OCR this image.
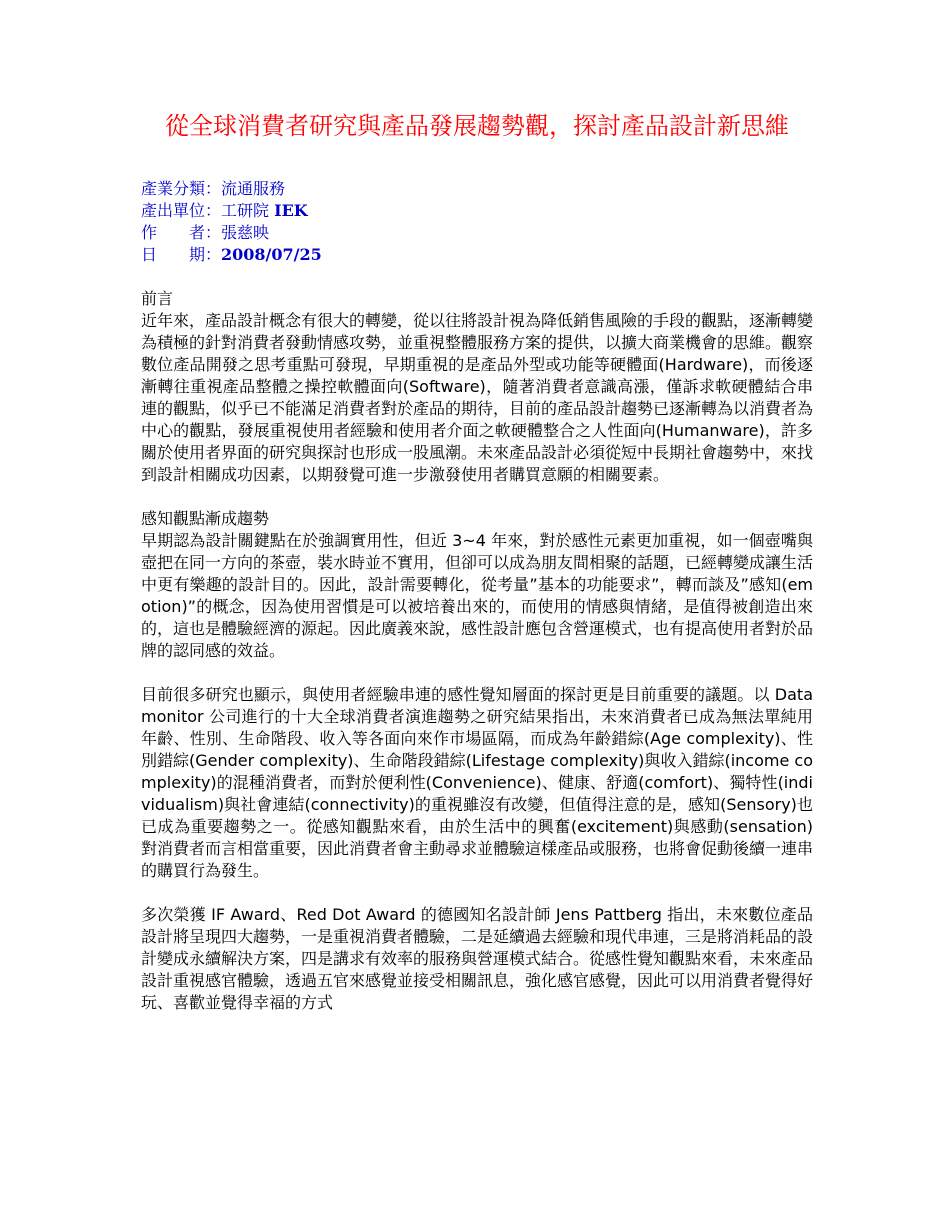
從全球消費者研究與產品發展趨勢觀，探討產品設計新思維
產業分類：流通服務
產出單位：工研院 IEK
作　　者：張慈映
日　　期：2008/07/25

前言

近年來，產品設計概念有很大的轉變，從以往將設計視為降低銷售風險的手段的觀點，逐漸轉變為積極的針對消費者發動情感攻勢，並重視整體服務方案的提供，以擴大商業機會的思維。觀察數位產品開發之思考重點可發現，早期重視的是產品外型或功能等硬體面(Hardware)，而後逐漸轉往重視產品整體之操控軟體面向(Software)，隨著消費者意識高漲，僅訴求軟硬體結合串連的觀點，似乎已不能滿足消費者對於產品的期待，目前的產品設計趨勢已逐漸轉為以消費者為中心的觀點，發展重視使用者經驗和使用者介面之軟硬體整合之人性面向(Humanware)，許多關於使用者界面的研究與探討也形成一股風潮。未來產品設計必須從短中長期社會趨勢中，來找到設計相關成功因素，以期發覺可進一步激發使用者購買意願的相關要素。

感知觀點漸成趨勢

早期認為設計關鍵點在於強調實用性，但近 3~4 年來，對於感性元素更加重視，如一個壺嘴與壺把在同一方向的茶壺，裝水時並不實用，但卻可以成為朋友間相聚的話題，已經轉變成讓生活中更有樂趣的設計目的。因此，設計需要轉化，從考量”基本的功能要求”，轉而談及”感知(emotion)”的概念，因為使用習慣是可以被培養出來的，而使用的情感與情緒，是值得被創造出來的，這也是體驗經濟的源起。因此廣義來說，感性設計應包含營運模式，也有提高使用者對於品牌的認同感的效益。

目前很多研究也顯示，與使用者經驗串連的感性覺知層面的探討更是目前重要的議題。以 Datamonitor 公司進行的十大全球消費者演進趨勢之研究結果指出，未來消費者已成為無法單純用年齡、性別、生命階段、收入等各面向來作市場區隔，而成為年齡錯綜(Age complexity)、性別錯綜(Gender complexity)、生命階段錯綜(Lifestage complexity)與收入錯綜(income complexity)的混種消費者，而對於便利性(Convenience)、健康、舒適(comfort)、獨特性(individualism)與社會連結(connectivity)的重視雖沒有改變，但值得注意的是，感知(Sensory)也已成為重要趨勢之一。從感知觀點來看，由於生活中的興奮(excitement)與感動(sensation)對消費者而言相當重要，因此消費者會主動尋求並體驗這樣產品或服務，也將會促動後續一連串的購買行為發生。

多次榮獲 IF Award、Red Dot Award 的德國知名設計師 Jens Pattberg 指出，未來數位產品設計將呈現四大趨勢，一是重視消費者體驗，二是延續過去經驗和現代串連，三是將消耗品的設計變成永續解決方案，四是講求有效率的服務與營運模式結合。從感性覺知觀點來看，未來產品設計重視感官體驗，透過五官來感覺並接受相關訊息，強化感官感覺，因此可以用消費者覺得好玩、喜歡並覺得幸福的方式
